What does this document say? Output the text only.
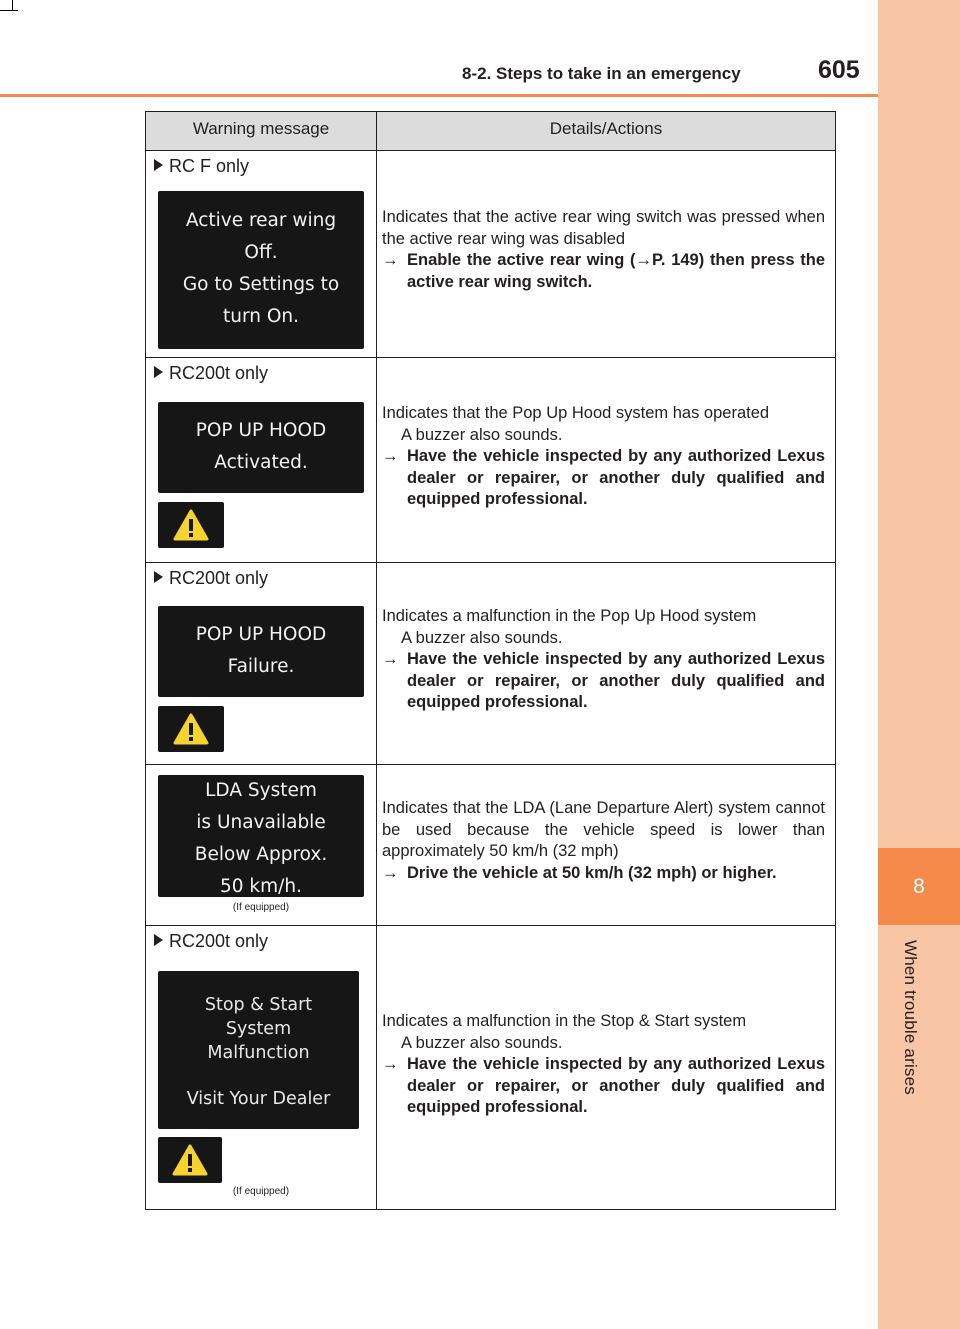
8
When trouble arises
8-2. Steps to take in an emergency	605
Warning message	Details/Actions
RC F only
Active rear wing
Off.
Go to Settings to
turn On.
Indicates that the active rear wing switch was pressed when the active rear wing was disabled
→ Enable the active rear wing (→P. 149) then press the active rear wing switch.
RC200t only
POP UP HOOD
Activated.
Indicates that the Pop Up Hood system has operated
A buzzer also sounds.
→ Have the vehicle inspected by any authorized Lexus dealer or repairer, or another duly qualified and equipped professional.
RC200t only
POP UP HOOD
Failure.
Indicates a malfunction in the Pop Up Hood system
A buzzer also sounds.
→ Have the vehicle inspected by any authorized Lexus dealer or repairer, or another duly qualified and equipped professional.
LDA System
is Unavailable
Below Approx.
50 km/h.
(If equipped)
Indicates that the LDA (Lane Departure Alert) system cannot be used because the vehicle speed is lower than approximately 50 km/h (32 mph)
→ Drive the vehicle at 50 km/h (32 mph) or higher.
RC200t only
Stop & Start
System
Malfunction
Visit Your Dealer
(If equipped)
Indicates a malfunction in the Stop & Start system
A buzzer also sounds.
→ Have the vehicle inspected by any authorized Lexus dealer or repairer, or another duly qualified and equipped professional.
